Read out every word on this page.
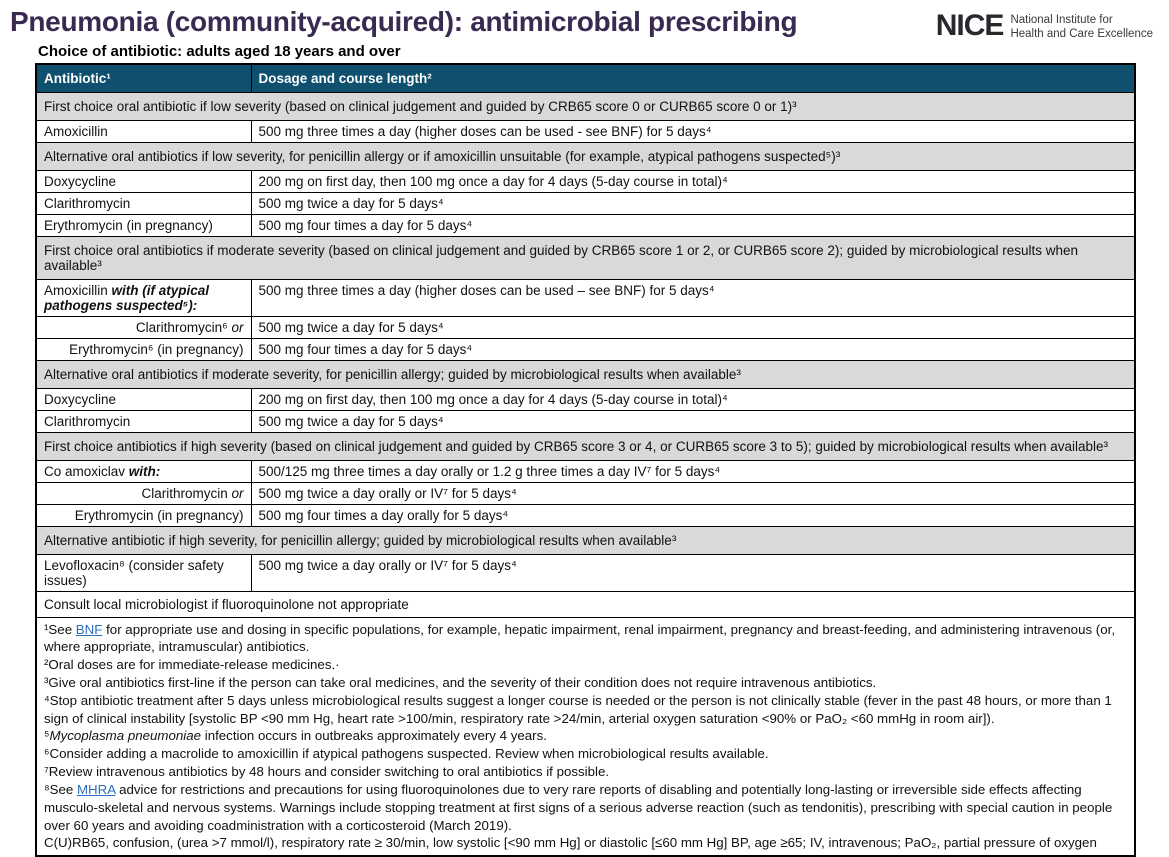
Pneumonia (community-acquired): antimicrobial prescribing	NICE National Institute for
Health and Care Excellence
Choice of antibiotic: adults aged 18 years and over
Antibiotic¹	Dosage and course length²
First choice oral antibiotic if low severity (based on clinical judgement and guided by CRB65 score 0 or CURB65 score 0 or 1)³	
Amoxicillin	500 mg three times a day (higher doses can be used - see BNF) for 5 days⁴
Alternative oral antibiotics if low severity, for penicillin allergy or if amoxicillin unsuitable (for example, atypical pathogens suspected⁵)³	
Doxycycline	200 mg on first day, then 100 mg once a day for 4 days (5-day course in total)⁴
Clarithromycin	500 mg twice a day for 5 days⁴
Erythromycin (in pregnancy)	500 mg four times a day for 5 days⁴
First choice oral antibiotics if moderate severity (based on clinical judgement and guided by CRB65 score 1 or 2, or CURB65 score 2); guided by microbiological results when available³	
Amoxicillin with (if atypical pathogens suspected⁵):	500 mg three times a day (higher doses can be used – see BNF) for 5 days⁴
Clarithromycin⁶ or	500 mg twice a day for 5 days⁴
Erythromycin⁶ (in pregnancy)	500 mg four times a day for 5 days⁴
Alternative oral antibiotics if moderate severity, for penicillin allergy; guided by microbiological results when available³	
Doxycycline	200 mg on first day, then 100 mg once a day for 4 days (5-day course in total)⁴
Clarithromycin	500 mg twice a day for 5 days⁴
First choice antibiotics if high severity (based on clinical judgement and guided by CRB65 score 3 or 4, or CURB65 score 3 to 5); guided by microbiological results when available³	
Co amoxiclav with:	500/125 mg three times a day orally or 1.2 g three times a day IV⁷ for 5 days⁴
Clarithromycin or	500 mg twice a day orally or IV⁷ for 5 days⁴
Erythromycin (in pregnancy)	500 mg four times a day orally for 5 days⁴
Alternative antibiotic if high severity, for penicillin allergy; guided by microbiological results when available³	
Levofloxacin⁸ (consider safety issues)	500 mg twice a day orally or IV⁷ for 5 days⁴
Consult local microbiologist if fluoroquinolone not appropriate	

¹See BNF for appropriate use and dosing in specific populations, for example, hepatic impairment, renal impairment, pregnancy and breast-feeding, and administering intravenous (or, where appropriate, intramuscular) antibiotics.
²Oral doses are for immediate-release medicines.·
³Give oral antibiotics first-line if the person can take oral medicines, and the severity of their condition does not require intravenous antibiotics.
⁴Stop antibiotic treatment after 5 days unless microbiological results suggest a longer course is needed or the person is not clinically stable (fever in the past 48 hours, or more than 1 sign of clinical instability [systolic BP <90 mm Hg, heart rate >100/min, respiratory rate >24/min, arterial oxygen saturation <90% or PaO₂ <60 mmHg in room air]).
⁵Mycoplasma pneumoniae infection occurs in outbreaks approximately every 4 years.
⁶Consider adding a macrolide to amoxicillin if atypical pathogens suspected. Review when microbiological results available.
⁷Review intravenous antibiotics by 48 hours and consider switching to oral antibiotics if possible.
⁸See MHRA advice for restrictions and precautions for using fluoroquinolones due to very rare reports of disabling and potentially long-lasting or irreversible side effects affecting musculo-skeletal and nervous systems. Warnings include stopping treatment at first signs of a serious adverse reaction (such as tendonitis), prescribing with special caution in people over 60 years and avoiding coadministration with a corticosteroid (March 2019).
C(U)RB65, confusion, (urea >7 mmol/l), respiratory rate ≥ 30/min, low systolic [<90 mm Hg] or diastolic [≤60 mm Hg] BP, age ≥65; IV, intravenous; PaO₂, partial pressure of oxygen
